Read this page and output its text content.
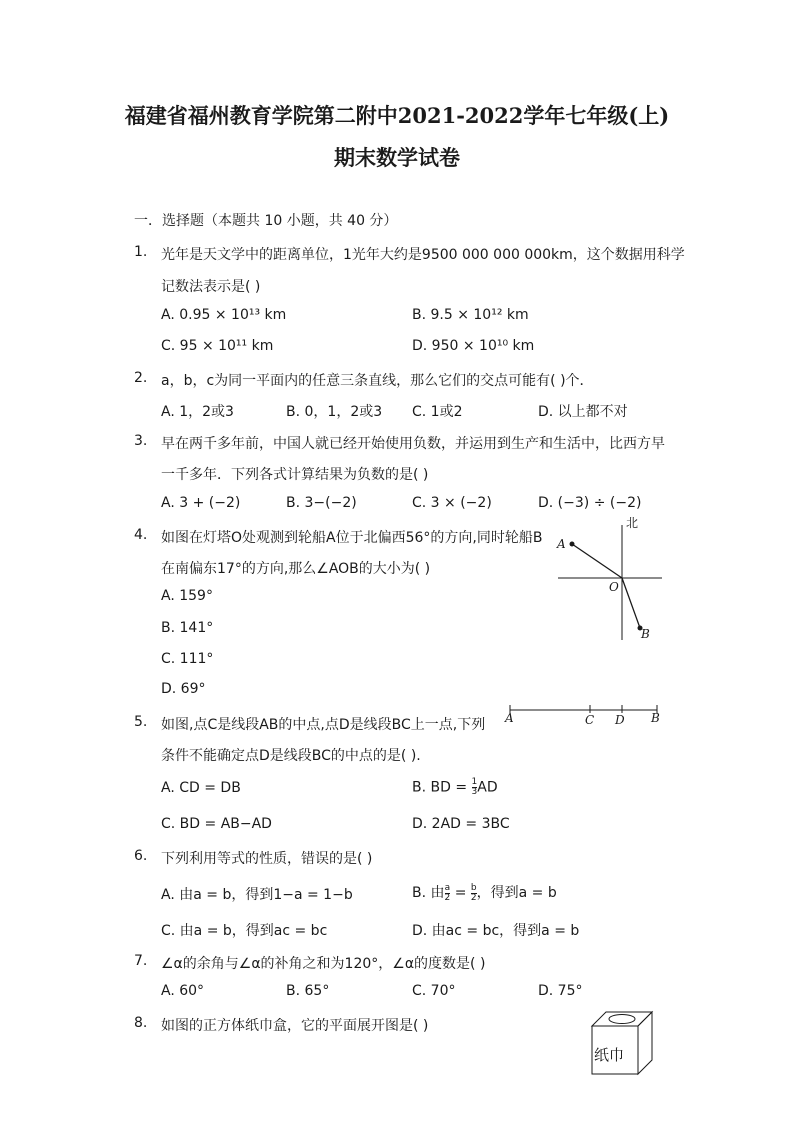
福建省福州教育学院第二附中2021-2022学年七年级(上)
期末数学试卷
一．选择题（本题共 10 小题，共 40 分）
1. 光年是天文学中的距离单位，1光年大约是9500 000 000 000km，这个数据用科学
记数法表示是( )
A. 0.95 × 10¹³ km	B. 9.5 × 10¹² km
C. 95 × 10¹¹ km	D. 950 × 10¹⁰ km
2. a，b，c为同一平面内的任意三条直线，那么它们的交点可能有( )个．
A. 1，2或3	B. 0，1，2或3 C. 1或2	D. 以上都不对
3. 早在两千多年前，中国人就已经开始使用负数，并运用到生产和生活中，比西方早
一千多年．下列各式计算结果为负数的是( )
A. 3 + (−2)	B. 3−(−2)	C. 3 × (−2)	D. (−3) ÷ (−2)
4. 如图在灯塔O处观测到轮船A位于北偏西56°的方向,同时轮船B
在南偏东17°的方向,那么∠AOB的大小为( )
A. 159°
B. 141°
C. 111°
D. 69°
北
A
O
B
5. 如图,点C是线段AB的中点,点D是线段BC上一点,下列
条件不能确定点D是线段BC的中点的是( ).
A	C D B
A. CD = DB	B. BD = $\frac{1}{3}$ AD
C. BD = AB−AD	D. 2AD = 3BC
6. 下列利用等式的性质，错误的是( )
A. 由a = b，得到1−a = 1−b	B. 由 $\frac{a}{2} = \frac{b}{2}$ ，得到a = b
C. 由a = b，得到ac = bc	D. 由ac = bc，得到a = b
7. ∠α的余角与∠α的补角之和为120°，∠α的度数是( )
A. 60°	B. 65°	C. 70°	D. 75°
8. 如图的正方体纸巾盒，它的平面展开图是( )
纸巾
